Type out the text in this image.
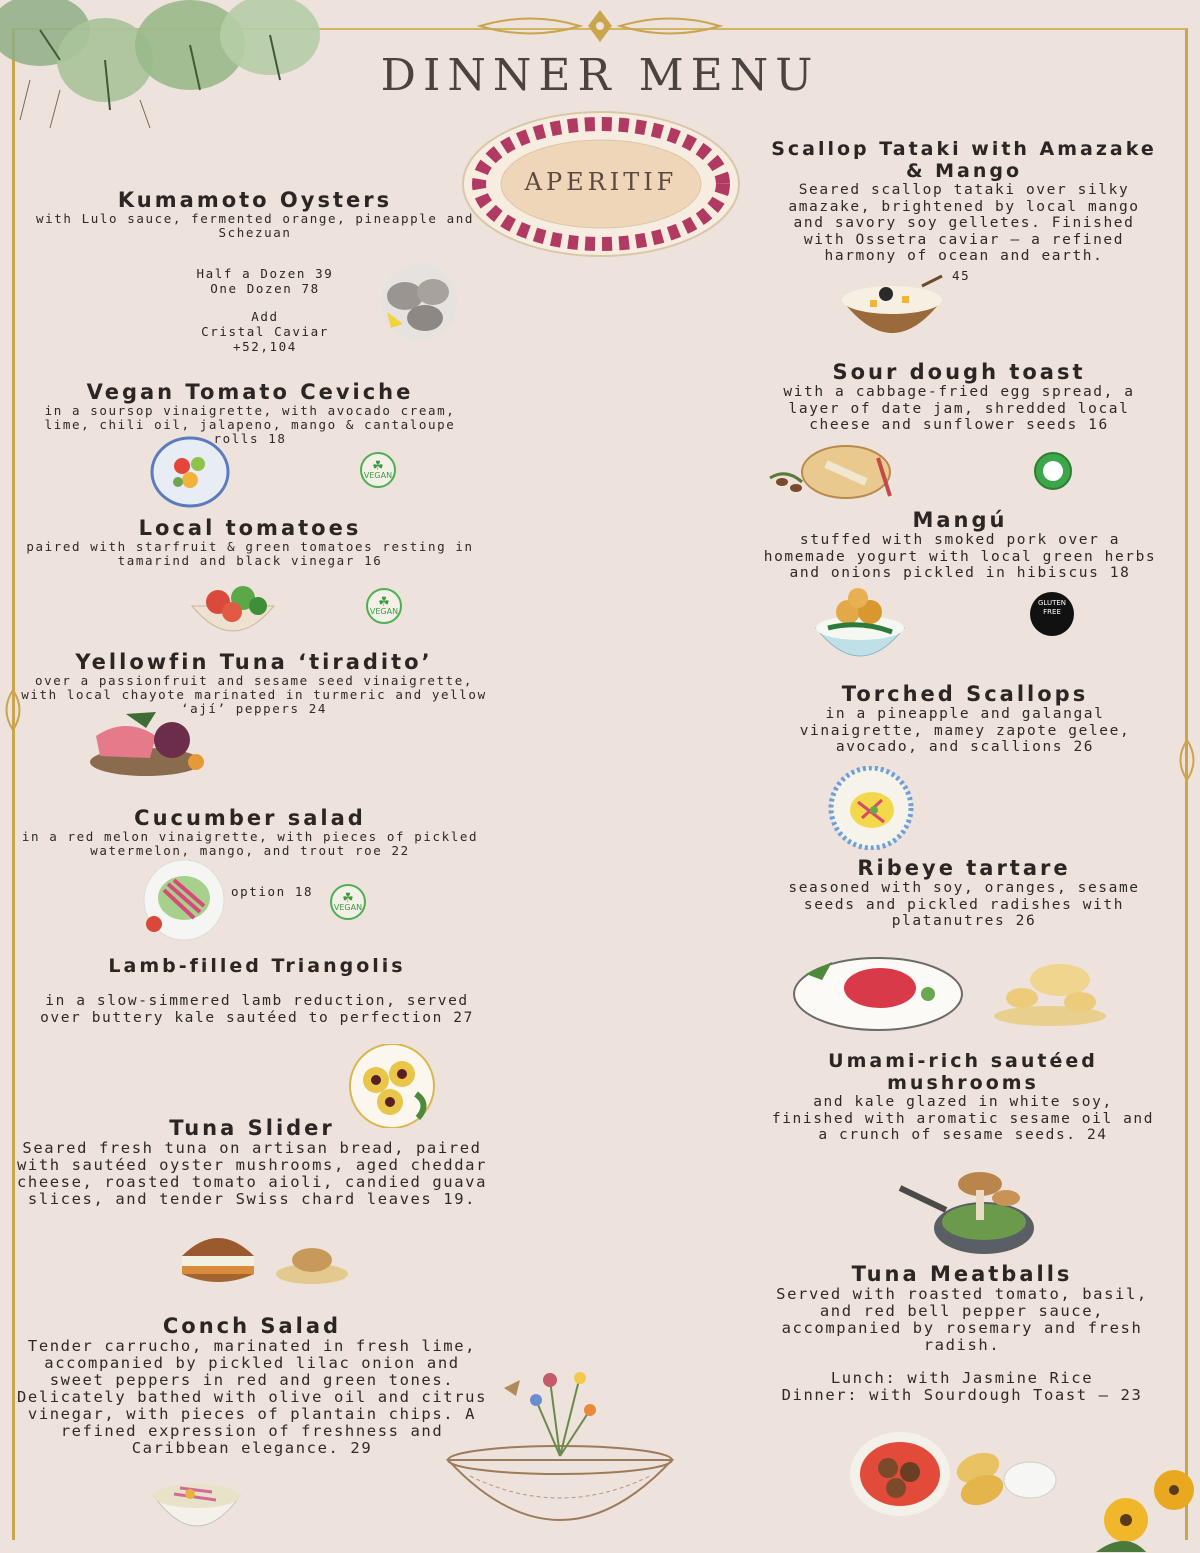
DINNER MENU
APERITIF
Kumamoto Oysters

with Lulo sauce, fermented orange, pineapple and Schezuan

Half a Dozen 39
One Dozen 78
Add
Cristal Caviar
+52,104
Vegan Tomato Ceviche

in a soursop vinaigrette, with avocado cream, lime, chili oil, jalapeno, mango & cantaloupe rolls 18

☘ VEGAN
Local tomatoes

paired with starfruit & green tomatoes resting in tamarind and black vinegar 16

☘ VEGAN
Yellowfin Tuna ‘tiradito’

over a passionfruit and sesame seed vinaigrette, with local chayote marinated in turmeric and yellow ‘ají’ peppers 24

Cucumber salad

in a red melon vinaigrette, with pieces of pickled watermelon, mango, and trout roe 22

option 18
☘ VEGAN
Lamb-filled Triangolis

in a slow-simmered lamb reduction, served over buttery kale sautéed to perfection 27

Tuna Slider

Seared fresh tuna on artisan bread, paired with sautéed oyster mushrooms, aged cheddar cheese, roasted tomato aioli, candied guava slices, and tender Swiss chard leaves 19.

Conch Salad

Tender carrucho, marinated in fresh lime, accompanied by pickled lilac onion and sweet peppers in red and green tones. Delicately bathed with olive oil and citrus vinegar, with pieces of plantain chips. A refined expression of freshness and Caribbean elegance. 29

Scallop Tataki with Amazake & Mango

Seared scallop tataki over silky amazake, brightened by local mango and savory soy gelletes. Finished with Ossetra caviar — a refined harmony of ocean and earth.

45
Sour dough toast

with a cabbage-fried egg spread, a layer of date jam, shredded local cheese and sunflower seeds 16

Mangú

stuffed with smoked pork over a homemade yogurt with local green herbs and onions pickled in hibiscus 18

GLUTEN FREE
Torched Scallops

in a pineapple and galangal vinaigrette, mamey zapote gelee, avocado, and scallions 26

Ribeye tartare

seasoned with soy, oranges, sesame seeds and pickled radishes with platanutres 26

Umami-rich sautéed mushrooms

and kale glazed in white soy, finished with aromatic sesame oil and a crunch of sesame seeds. 24

Tuna Meatballs

Served with roasted tomato, basil, and red bell pepper sauce, accompanied by rosemary and fresh radish.

Lunch: with Jasmine Rice

Dinner: with Sourdough Toast — 23
